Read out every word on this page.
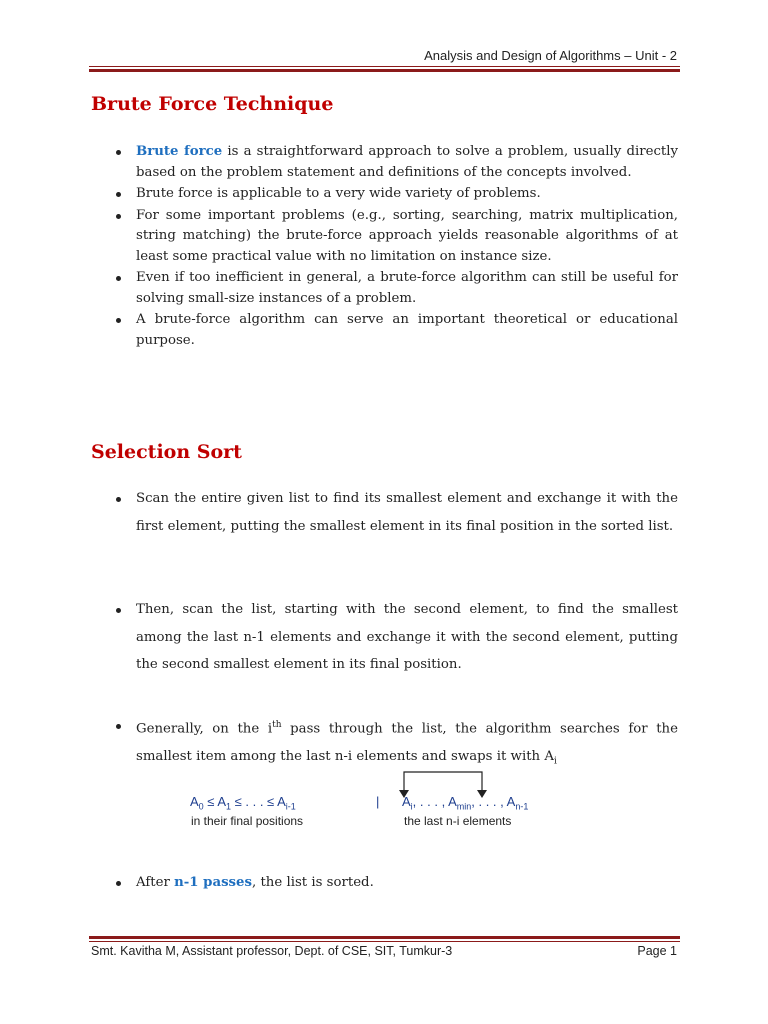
Analysis and Design of Algorithms – Unit - 2
Brute Force Technique
Brute force is a straightforward approach to solve a problem, usually directly based on the problem statement and definitions of the concepts involved.
Brute force is applicable to a very wide variety of problems.
For some important problems (e.g., sorting, searching, matrix multiplication, string matching) the brute-force approach yields reasonable algorithms of at least some practical value with no limitation on instance size.
Even if too inefficient in general, a brute-force algorithm can still be useful for solving small-size instances of a problem.
A brute-force algorithm can serve an important theoretical or educational purpose.
Selection Sort
Scan the entire given list to find its smallest element and exchange it with the first element, putting the smallest element in its final position in the sorted list.
Then, scan the list, starting with the second element, to find the smallest among the last n-1 elements and exchange it with the second element, putting the second smallest element in its final position.
Generally, on the $i^{th}$ pass through the list, the algorithm searches for the smallest item among the last n-i elements and swaps it with $A_i$
$A_0 \le A_1$ ≤ . . . ≤ $A_{i-1}$	| $A_i$, . . . , $A_{min}$, . . . , $A_{n-1}$
in their final positions	the last n-i elements
After n-1 passes, the list is sorted.
Smt. Kavitha M, Assistant professor, Dept. of CSE, SIT, Tumkur-3	Page 1
